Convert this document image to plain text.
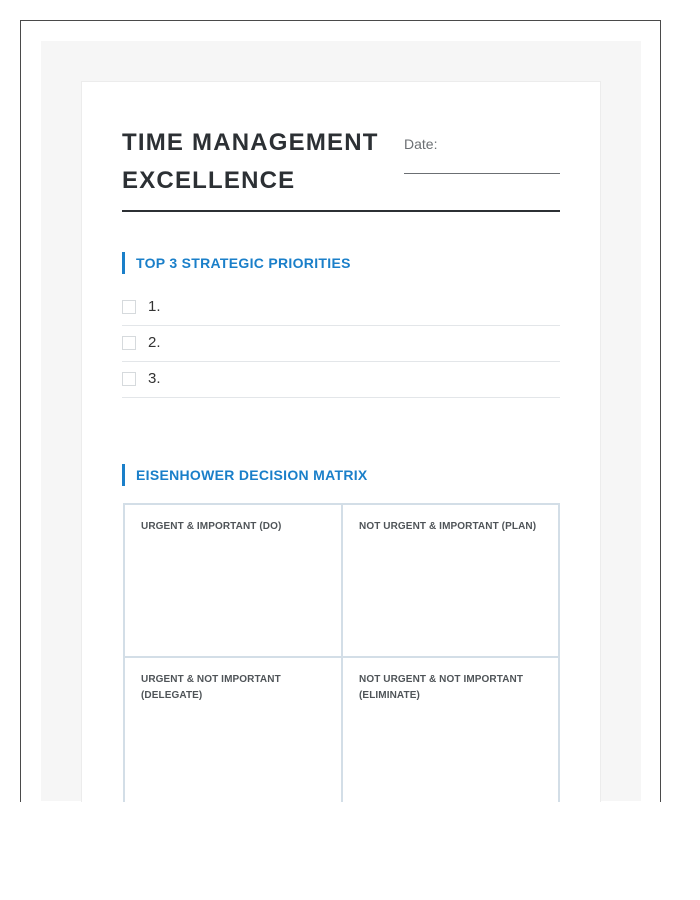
TIME MANAGEMENT
EXCELLENCE
Date:
TOP 3 STRATEGIC PRIORITIES
1.
2.
3.
EISENHOWER DECISION MATRIX
URGENT & IMPORTANT (DO)	NOT URGENT & IMPORTANT (PLAN)
URGENT & NOT IMPORTANT
(DELEGATE)
NOT URGENT & NOT IMPORTANT
(ELIMINATE)
